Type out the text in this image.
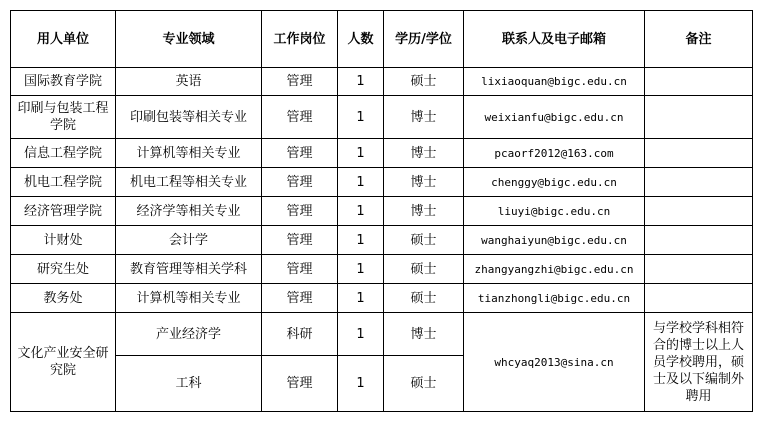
用人单位	专业领域	工作岗位	人数	学历/学位	联系人及电子邮箱	备注
国际教育学院	英语	管理	1	硕士	lixiaoquan@bigc.edu.cn	
印刷与包装工程学院	印刷包装等相关专业	管理	1	博士	weixianfu@bigc.edu.cn	
信息工程学院	计算机等相关专业	管理	1	博士	pcaorf2012@163.com	
机电工程学院	机电工程等相关专业	管理	1	博士	chenggy@bigc.edu.cn	
经济管理学院	经济学等相关专业	管理	1	博士	liuyi@bigc.edu.cn	
计财处	会计学	管理	1	硕士	wanghaiyun@bigc.edu.cn	
研究生处	教育管理等相关学科	管理	1	硕士	zhangyangzhi@bigc.edu.cn	
教务处	计算机等相关专业	管理	1	硕士	tianzhongli@bigc.edu.cn	
文化产业安全研究院	产业经济学	科研	1	博士	whcyaq2013@sina.cn	与学校学科相符合的博士以上人员学校聘用，硕士及以下编制外聘用
	工科	管理	1	硕士		
